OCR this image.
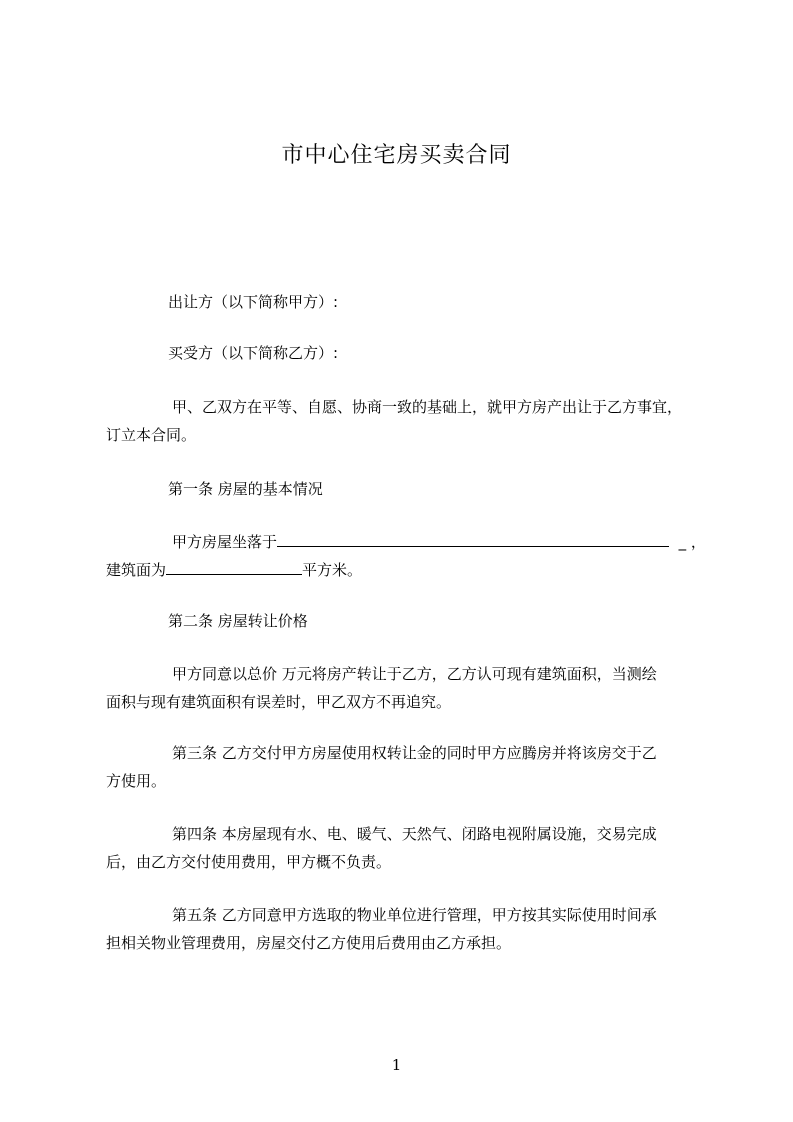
市中心住宅房买卖合同
出让方（以下简称甲方）:
买受方（以下简称乙方）:
甲、乙双方在平等、自愿、协商一致的基础上，就甲方房产出让于乙方事宜，
订立本合同。
第一条 房屋的基本情况
甲方房屋坐落于	_ ，
建筑面为	平方米。
第二条 房屋转让价格
甲方同意以总价 万元将房产转让于乙方，乙方认可现有建筑面积，当测绘
面积与现有建筑面积有误差时，甲乙双方不再追究。
第三条 乙方交付甲方房屋使用权转让金的同时甲方应腾房并将该房交于乙
方使用。
第四条 本房屋现有水、电、暖气、天然气、闭路电视附属设施，交易完成
后，由乙方交付使用费用，甲方概不负责。
第五条 乙方同意甲方选取的物业单位进行管理，甲方按其实际使用时间承
担相关物业管理费用，房屋交付乙方使用后费用由乙方承担。
1
